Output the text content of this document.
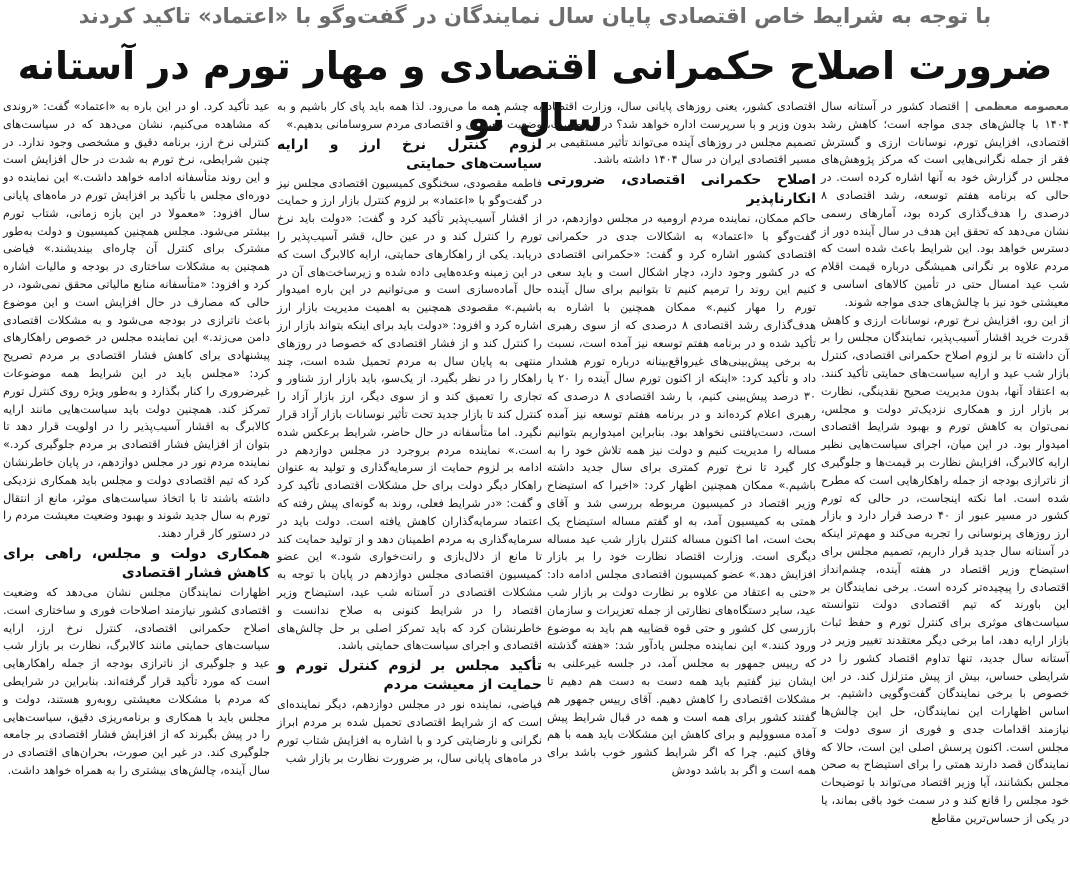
با توجه به شرایط خاص اقتصادی پایان سال نمایندگان در گفت‌وگو با «اعتماد» تاکید کردند
ضرورت اصلاح حکمرانی اقتصادی و مهار تورم در آستانه سال نو	معصومه معظمی | اقتصاد کشور در آستانه سال ۱۴۰۴ با چالش‌های جدی مواجه است؛ کاهش رشد اقتصادی، افزایش تورم، نوسانات ارزی و گسترش فقر از جمله نگرانی‌هایی است که مرکز پژوهش‌های مجلس در گزارش خود به آنها اشاره کرده است. در حالی که برنامه هفتم توسعه، رشد اقتصادی ۸ درصدی را هدف‌گذاری کرده بود، آمارهای رسمی نشان می‌دهد که تحقق این هدف در سال آینده دور از دسترس خواهد بود. این شرایط باعث شده است که مردم علاوه بر نگرانی همیشگی درباره قیمت اقلام شب عید امسال حتی در تأمین کالاهای اساسی و معیشتی خود نیز با چالش‌های جدی مواجه شوند.

از این رو، افزایش نرخ تورم، نوسانات ارزی و کاهش قدرت خرید اقشار آسیب‌پذیر، نمایندگان مجلس را بر آن داشته تا بر لزوم اصلاح حکمرانی اقتصادی، کنترل بازار شب عید و ارایه سیاست‌های حمایتی تأکید کنند. به اعتقاد آنها، بدون مدیریت صحیح نقدینگی، نظارت بر بازار ارز و همکاری نزدیک‌تر دولت و مجلس، نمی‌توان به کاهش تورم و بهبود شرایط اقتصادی امیدوار بود. در این میان، اجرای سیاست‌هایی نظیر ارایه کالابرگ، افزایش نظارت بر قیمت‌ها و جلوگیری از ناترازی بودجه از جمله راهکارهایی است که مطرح شده است. اما نکته اینجاست، در حالی که تورم کشور در مسیر عبور از ۴۰ درصد قرار دارد و بازار ارز روزهای پرنوسانی را تجربه می‌کند و مهم‌تر اینکه در آستانه سال جدید قرار داریم، تصمیم مجلس برای استیضاح وزیر اقتصاد در هفته آینده، چشم‌انداز اقتصادی را پیچیده‌تر کرده است. برخی نمایندگان بر این باورند که تیم اقتصادی دولت نتوانسته سیاست‌های موثری برای کنترل تورم و حفظ ثبات بازار ارایه دهد، اما برخی دیگر معتقدند تغییر وزیر در آستانه سال جدید، تنها تداوم اقتصاد کشور را در شرایطی حساس، بیش از پیش متزلزل کند. در این خصوص با برخی نمایندگان گفت‌وگویی داشتیم. بر اساس اظهارات این نمایندگان، حل این چالش‌ها نیازمند اقدامات جدی و فوری از سوی دولت و مجلس است. اکنون پرسش اصلی این است، حالا که نمایندگان قصد دارند همتی را برای استیضاح به صحن مجلس بکشانند، آیا وزیر اقتصاد می‌تواند با توضیحات خود مجلس را قانع کند و در سمت خود باقی بماند، یا در یکی از حساس‌ترین مقاطع

اقتصادی کشور، یعنی روزهای پایانی سال، وزارت اقتصاد بدون وزیر و با سرپرست اداره خواهد شد؟ در هر صورت، تصمیم مجلس در روزهای آینده می‌تواند تأثیر مستقیمی بر مسیر اقتصادی ایران در سال ۱۴۰۴ داشته باشد.

اصلاح حکمرانی اقتصادی، ضرورتی انکارناپذیر

حاکم ممکان، نماینده مردم ارومیه در مجلس دوازدهم، در گفت‌وگو با «اعتماد» به اشکالات جدی در حکمرانی اقتصادی کشور اشاره کرد و گفت: «حکمرانی اقتصادی که در کشور وجود دارد، دچار اشکال است و باید سعی کنیم این روند را ترمیم کنیم تا بتوانیم برای سال آینده تورم را مهار کنیم.» ممکان همچنین با اشاره به هدف‌گذاری رشد اقتصادی ۸ درصدی که از سوی رهبری تأکید شده و در برنامه هفتم توسعه نیز آمده است، نسبت به برخی پیش‌بینی‌های غیرواقع‌بینانه درباره تورم هشدار داد و تأکید کرد: «اینکه از اکنون تورم سال آینده را ۲۰ یا ۳۰ درصد پیش‌بینی کنیم، با رشد اقتصادی ۸ درصدی که رهبری اعلام کرده‌اند و در برنامه هفتم توسعه نیز آمده است، دست‌یافتنی نخواهد بود. بنابراین امیدواریم بتوانیم مساله را مدیریت کنیم و دولت نیز همه تلاش خود را به کار گیرد تا نرخ تورم کمتری برای سال جدید داشته باشیم.» ممکان همچنین اظهار کرد: «اخیرا که استیضاح وزیر اقتصاد در کمیسیون مربوطه بررسی شد و آقای همتی به کمیسیون آمد، به او گفتم مساله استیضاح یک بحث است، اما اکنون مساله کنترل بازار شب عید مساله دیگری است. وزارت اقتصاد نظارت خود را بر بازار افزایش دهد.» عضو کمیسیون اقتصادی مجلس ادامه داد: «حتی به اعتقاد من علاوه بر نظارت دولت بر بازار شب عید، سایر دستگاه‌های نظارتی از جمله تعزیرات و سازمان بازرسی کل کشور و حتی قوه قضاییه هم باید به موضوع ورود کنند.» این نماینده مجلس یادآور شد: «هفته گذشته که رییس جمهور به مجلس آمد، در جلسه غیرعلنی به ایشان نیز گفتیم باید همه دست به دست هم دهیم تا مشکلات اقتصادی را کاهش دهیم. آقای رییس جمهور هم گفتند کشور برای همه است و همه در قبال شرایط پیش آمده مسوولیم و برای کاهش این مشکلات باید همه با هم وفاق کنیم. چرا که اگر شرایط کشور خوب باشد برای همه است و اگر بد باشد دودش

به چشم همه ما می‌رود. لذا همه باید پای کار باشیم و به وضعیت معیشتی و اقتصادی مردم سروسامانی بدهیم.»

لزوم کنترل نرخ ارز و ارایه سیاست‌های حمایتی

فاطمه مقصودی، سخنگوی کمیسیون اقتصادی مجلس نیز در گفت‌وگو با «اعتماد» بر لزوم کنترل بازار ارز و حمایت از اقشار آسیب‌پذیر تأکید کرد و گفت: «دولت باید نرخ تورم را کنترل کند و در عین حال، قشر آسیب‌پذیر را دریابد. یکی از راهکارهای حمایتی، ارایه کالابرگ است که در این زمینه وعده‌هایی داده شده و زیرساخت‌های آن در حال آماده‌سازی است و می‌توانیم در این باره امیدوار باشیم.» مقصودی همچنین به اهمیت مدیریت بازار ارز اشاره کرد و افزود: «دولت باید برای اینکه بتواند بازار ارز را کنترل کند و از فشار اقتصادی که خصوصا در روزهای منتهی به پایان سال به مردم تحمیل شده است، چند راهکار را در نظر بگیرد. از یک‌سو، باید بازار ارز شناور و تجاری را تعمیق کند و از سوی دیگر، ارز بازار آزاد را کنترل کند تا بازار جدید تحت تأثیر نوسانات بازار آزاد قرار نگیرد. اما متأسفانه در حال حاضر، شرایط برعکس شده است.» نماینده مردم بروجرد در مجلس دوازدهم در ادامه بر لزوم حمایت از سرمایه‌گذاری و تولید به عنوان راهکار دیگر دولت برای حل مشکلات اقتصادی تأکید کرد و گفت: «در شرایط فعلی، روند به گونه‌ای پیش رفته که اعتماد سرمایه‌گذاران کاهش یافته است. دولت باید در سرمایه‌گذاری به مردم اطمینان دهد و از تولید حمایت کند تا مانع از دلال‌بازی و رانت‌خواری شود.» این عضو کمیسیون اقتصادی مجلس دوازدهم در پایان با توجه به مشکلات اقتصادی در آستانه شب عید، استیضاح وزیر اقتصاد را در شرایط کنونی به صلاح ندانست و خاطرنشان کرد که باید تمرکز اصلی بر حل چالش‌های اقتصادی و اجرای سیاست‌های حمایتی باشد.

تأکید مجلس بر لزوم کنترل تورم و حمایت از معیشت مردم

فیاضی، نماینده نور در مجلس دوازدهم، دیگر نماینده‌ای است که از شرایط اقتصادی تحمیل شده بر مردم ابراز نگرانی و نارضایتی کرد و با اشاره به افزایش شتاب تورم در ماه‌های پایانی سال، بر ضرورت نظارت بر بازار شب

عید تأکید کرد. او در این باره به «اعتماد» گفت: «روندی که مشاهده می‌کنیم، نشان می‌دهد که در سیاست‌های کنترلی نرخ ارز، برنامه دقیق و مشخصی وجود ندارد. در چنین شرایطی، نرخ تورم به شدت در حال افزایش است و این روند متأسفانه ادامه خواهد داشت.» این نماینده دو دوره‌ای مجلس با تأکید بر افزایش تورم در ماه‌های پایانی سال افزود: «معمولا در این بازه زمانی، شتاب تورم بیشتر می‌شود. مجلس همچنین کمیسیون و دولت به‌طور مشترک برای کنترل آن چاره‌ای بیندیشند.» فیاضی همچنین به مشکلات ساختاری در بودجه و مالیات اشاره کرد و افزود: «متأسفانه منابع مالیاتی محقق نمی‌شود، در حالی که مصارف در حال افزایش است و این موضوع باعث ناترازی در بودجه می‌شود و به مشکلات اقتصادی دامن می‌زند.» این نماینده مجلس در خصوص راهکارهای پیشنهادی برای کاهش فشار اقتصادی بر مردم تصریح کرد: «مجلس باید در این شرایط همه موضوعات غیرضروری را کنار بگذارد و به‌طور ویژه روی کنترل تورم تمرکز کند. همچنین دولت باید سیاست‌هایی مانند ارایه کالابرگ به اقشار آسیب‌پذیر را در اولویت قرار دهد تا بتوان از افزایش فشار اقتصادی بر مردم جلوگیری کرد.» نماینده مردم نور در مجلس دوازدهم، در پایان خاطرنشان کرد که تیم اقتصادی دولت و مجلس باید همکاری نزدیکی داشته باشند تا با اتخاذ سیاست‌های موثر، مانع از انتقال تورم به سال جدید شوند و بهبود وضعیت معیشت مردم را در دستور کار قرار دهند.

همکاری دولت و مجلس، راهی برای کاهش فشار اقتصادی

اظهارات نمایندگان مجلس نشان می‌دهد که وضعیت اقتصادی کشور نیازمند اصلاحات فوری و ساختاری است. اصلاح حکمرانی اقتصادی، کنترل نرخ ارز، ارایه سیاست‌های حمایتی مانند کالابرگ، نظارت بر بازار شب عید و جلوگیری از ناترازی بودجه از جمله راهکارهایی است که مورد تأکید قرار گرفته‌اند. بنابراین در شرایطی که مردم با مشکلات معیشتی روبه‌رو هستند، دولت و مجلس باید با همکاری و برنامه‌ریزی دقیق، سیاست‌هایی را در پیش بگیرند که از افزایش فشار اقتصادی بر جامعه جلوگیری کند. در غیر این صورت، بحران‌های اقتصادی در سال آینده، چالش‌های بیشتری را به همراه خواهد داشت.
